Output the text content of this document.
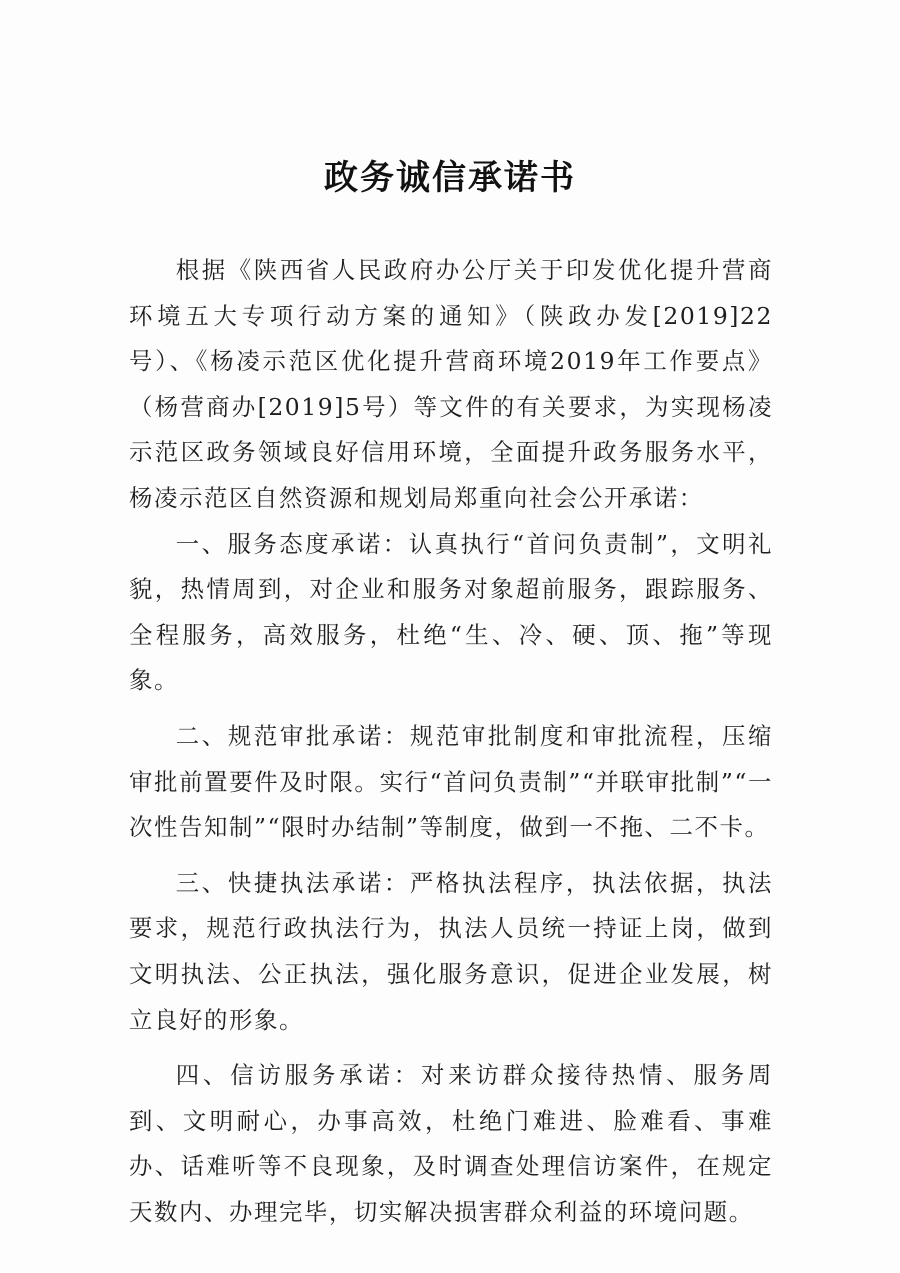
政务诚信承诺书

根据《陕西省人民政府办公厅关于印发优化提升营商环境五大专项行动方案的通知》（陕政办发[2019]22号）、《杨凌示范区优化提升营商环境2019年工作要点》（杨营商办[2019]5号）等文件的有关要求，为实现杨凌示范区政务领域良好信用环境，全面提升政务服务水平，杨凌示范区自然资源和规划局郑重向社会公开承诺：

一、服务态度承诺：认真执行“首问负责制”，文明礼貌，热情周到，对企业和服务对象超前服务，跟踪服务、全程服务，高效服务，杜绝“生、冷、硬、顶、拖”等现象。

二、规范审批承诺：规范审批制度和审批流程，压缩审批前置要件及时限。实行“首问负责制”“并联审批制”“一次性告知制”“限时办结制”等制度，做到一不拖、二不卡。

三、快捷执法承诺：严格执法程序，执法依据，执法要求，规范行政执法行为，执法人员统一持证上岗，做到文明执法、公正执法，强化服务意识，促进企业发展，树立良好的形象。

四、信访服务承诺：对来访群众接待热情、服务周到、文明耐心，办事高效，杜绝门难进、脸难看、事难办、话难听等不良现象，及时调查处理信访案件，在规定天数内、办理完毕，切实解决损害群众利益的环境问题。
